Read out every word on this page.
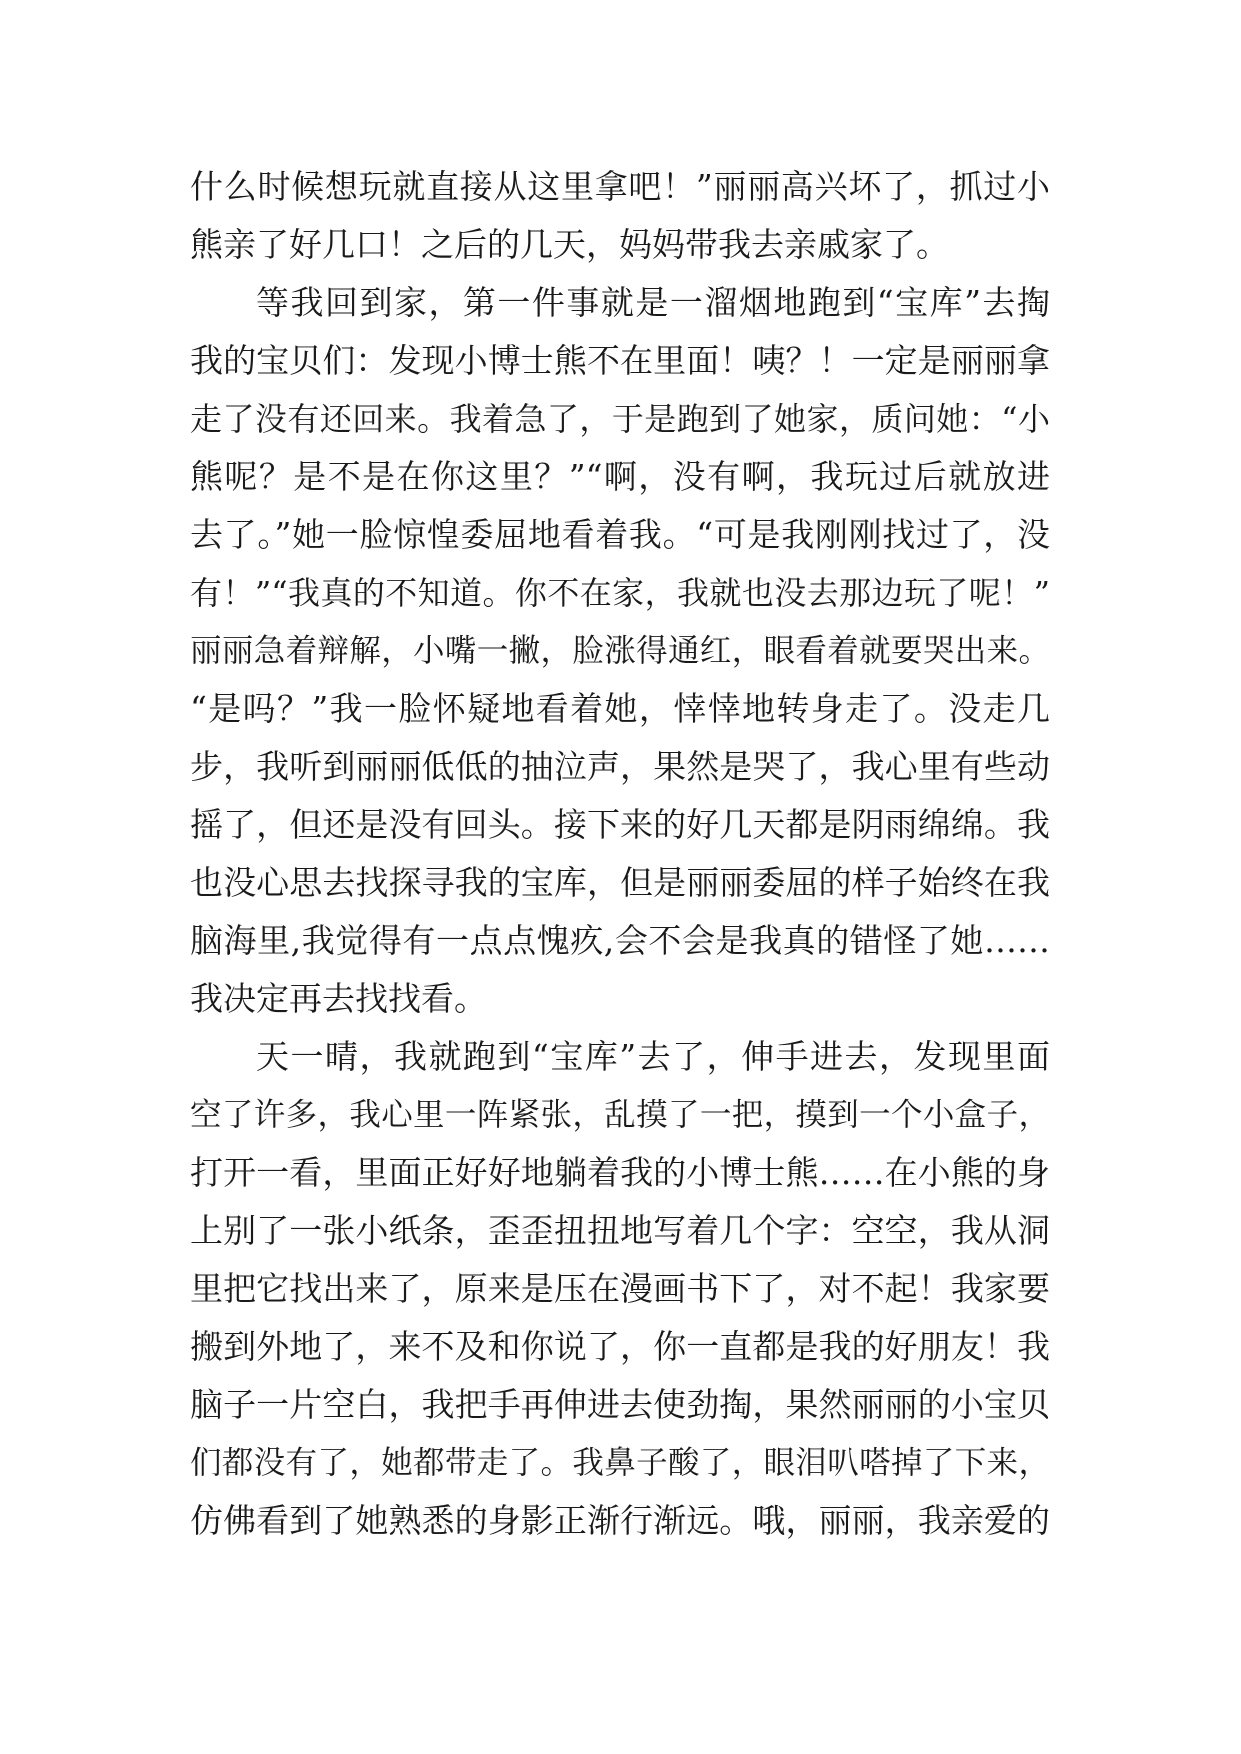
什么时候想玩就直接从这里拿吧！”丽丽高兴坏了，抓过小
熊亲了好几口！之后的几天，妈妈带我去亲戚家了。
等我回到家，第一件事就是一溜烟地跑到“宝库”去掏
我的宝贝们：发现小博士熊不在里面！咦？！一定是丽丽拿
走了没有还回来。我着急了，于是跑到了她家，质问她：“小
熊呢？是不是在你这里？”“啊，没有啊，我玩过后就放进
去了。”她一脸惊惶委屈地看着我。“可是我刚刚找过了，没
有！”“我真的不知道。你不在家，我就也没去那边玩了呢！”
丽丽急着辩解，小嘴一撇，脸涨得通红，眼看着就要哭出来。
“是吗？”我一脸怀疑地看着她，悻悻地转身走了。没走几
步，我听到丽丽低低的抽泣声，果然是哭了，我心里有些动
摇了，但还是没有回头。接下来的好几天都是阴雨绵绵。我
也没心思去找探寻我的宝库，但是丽丽委屈的样子始终在我
脑海里,我觉得有一点点愧疚,会不会是我真的错怪了她……
我决定再去找找看。
天一晴，我就跑到“宝库”去了，伸手进去，发现里面
空了许多，我心里一阵紧张，乱摸了一把，摸到一个小盒子，
打开一看，里面正好好地躺着我的小博士熊……在小熊的身
上别了一张小纸条，歪歪扭扭地写着几个字：空空，我从洞
里把它找出来了，原来是压在漫画书下了，对不起！我家要
搬到外地了，来不及和你说了，你一直都是我的好朋友！我
脑子一片空白，我把手再伸进去使劲掏，果然丽丽的小宝贝
们都没有了，她都带走了。我鼻子酸了，眼泪叭嗒掉了下来，
仿佛看到了她熟悉的身影正渐行渐远。哦，丽丽，我亲爱的
